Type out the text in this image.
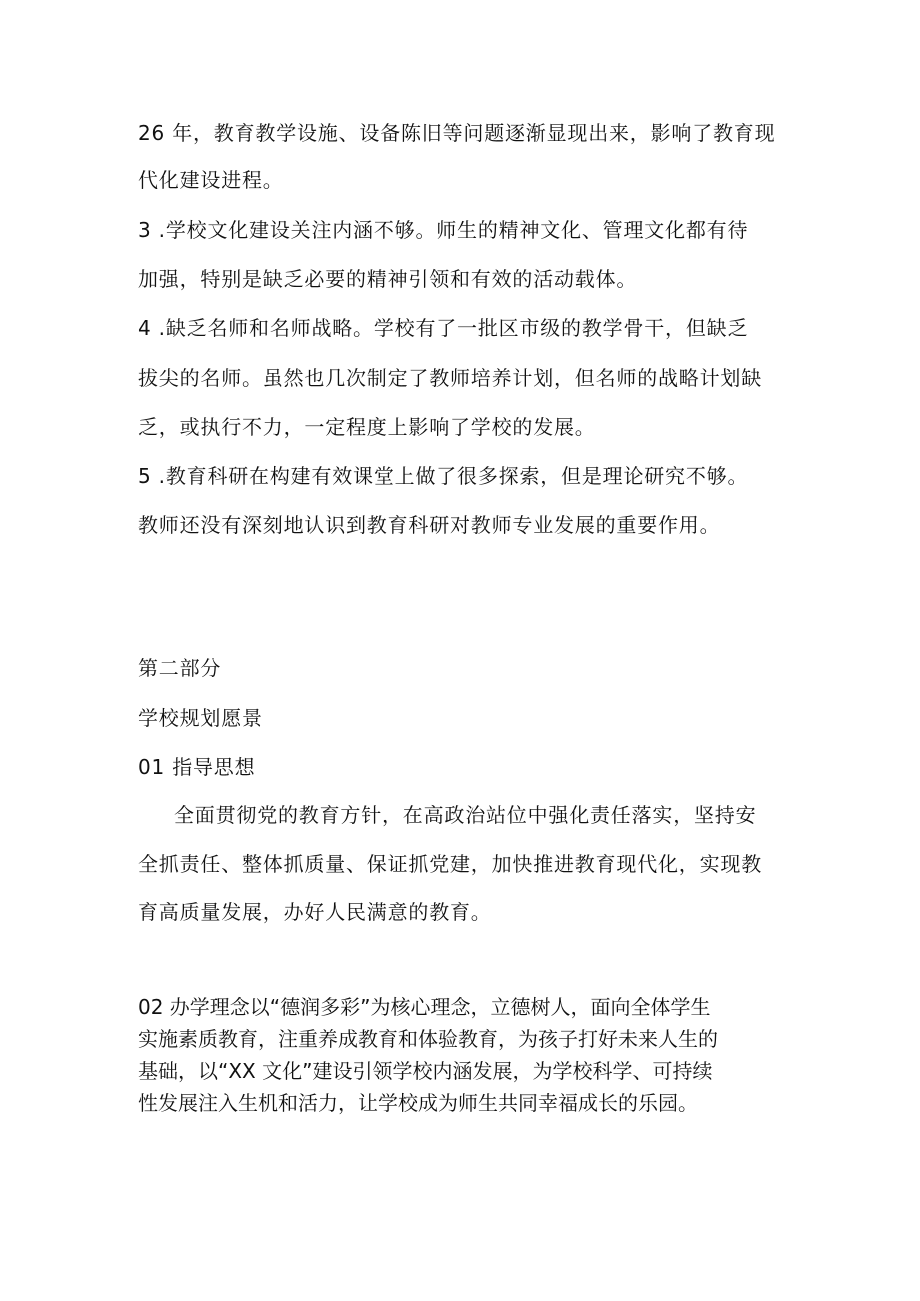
26 年，教育教学设施、设备陈旧等问题逐渐显现出来，影响了教育现
代化建设进程。
3 .学校文化建设关注内涵不够。师生的精神文化、管理文化都有待
加强，特别是缺乏必要的精神引领和有效的活动载体。
4 .缺乏名师和名师战略。学校有了一批区市级的教学骨干，但缺乏
拔尖的名师。虽然也几次制定了教师培养计划，但名师的战略计划缺
乏，或执行不力，一定程度上影响了学校的发展。
5 .教育科研在构建有效课堂上做了很多探索，但是理论研究不够。
教师还没有深刻地认识到教育科研对教师专业发展的重要作用。
第二部分
学校规划愿景
01 指导思想
全面贯彻党的教育方针，在高政治站位中强化责任落实，坚持安
全抓责任、整体抓质量、保证抓党建，加快推进教育现代化，实现教
育高质量发展，办好人民满意的教育。
02 办学理念以“德润多彩”为核心理念，立德树人，面向全体学生
实施素质教育，注重养成教育和体验教育，为孩子打好未来人生的
基础，以“XX 文化”建设引领学校内涵发展，为学校科学、可持续
性发展注入生机和活力，让学校成为师生共同幸福成长的乐园。
